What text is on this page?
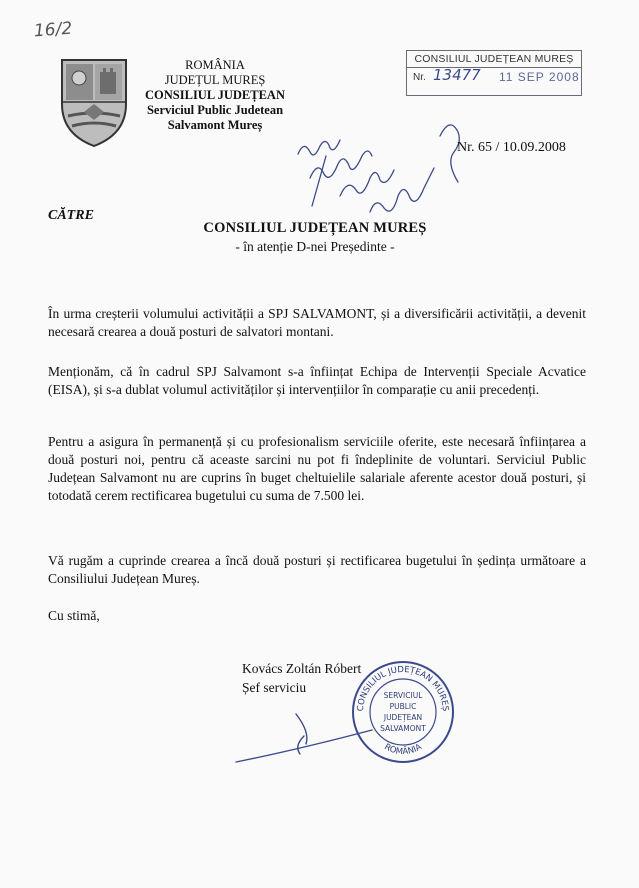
16/2
ROMÂNIA
JUDEȚUL MUREȘ
CONSILIUL JUDEȚEAN
Serviciul Public Judetean
Salvamont Mureș
CONSILIUL JUDEȚEAN MUREȘ
Nr. 13477 11 SEP 2008
Nr. 65 / 10.09.2008
CĂTRE
CONSILIUL JUDEȚEAN MUREȘ
- în atenție D-nei Președinte -
În urma creșterii volumului activității a SPJ SALVAMONT, și a diversificării activității, a devenit necesară crearea a două posturi de salvatori montani.
Menționăm, că în cadrul SPJ Salvamont s-a înființat Echipa de Intervenții Speciale Acvatice (EISA), și s-a dublat volumul activităților și intervențiilor în comparație cu anii precedenți.
Pentru a asigura în permanență și cu profesionalism serviciile oferite, este necesară înființarea a două posturi noi, pentru că aceaste sarcini nu pot fi îndeplinite de voluntari. Serviciul Public Județean Salvamont nu are cuprins în buget cheltuielile salariale aferente acestor două posturi, și totodată cerem rectificarea bugetului cu suma de 7.500 lei.
Vă rugăm a cuprinde crearea a încă două posturi și rectificarea bugetului în ședința următoare a Consiliului Județean Mureș.
Cu stimă,
Kovács Zoltán Róbert
Șef serviciu
CONSILIUL JUDEȚEAN MUREȘ
ROMÂNIA
SERVICIUL
PUBLIC
JUDEȚEAN
SALVAMONT
